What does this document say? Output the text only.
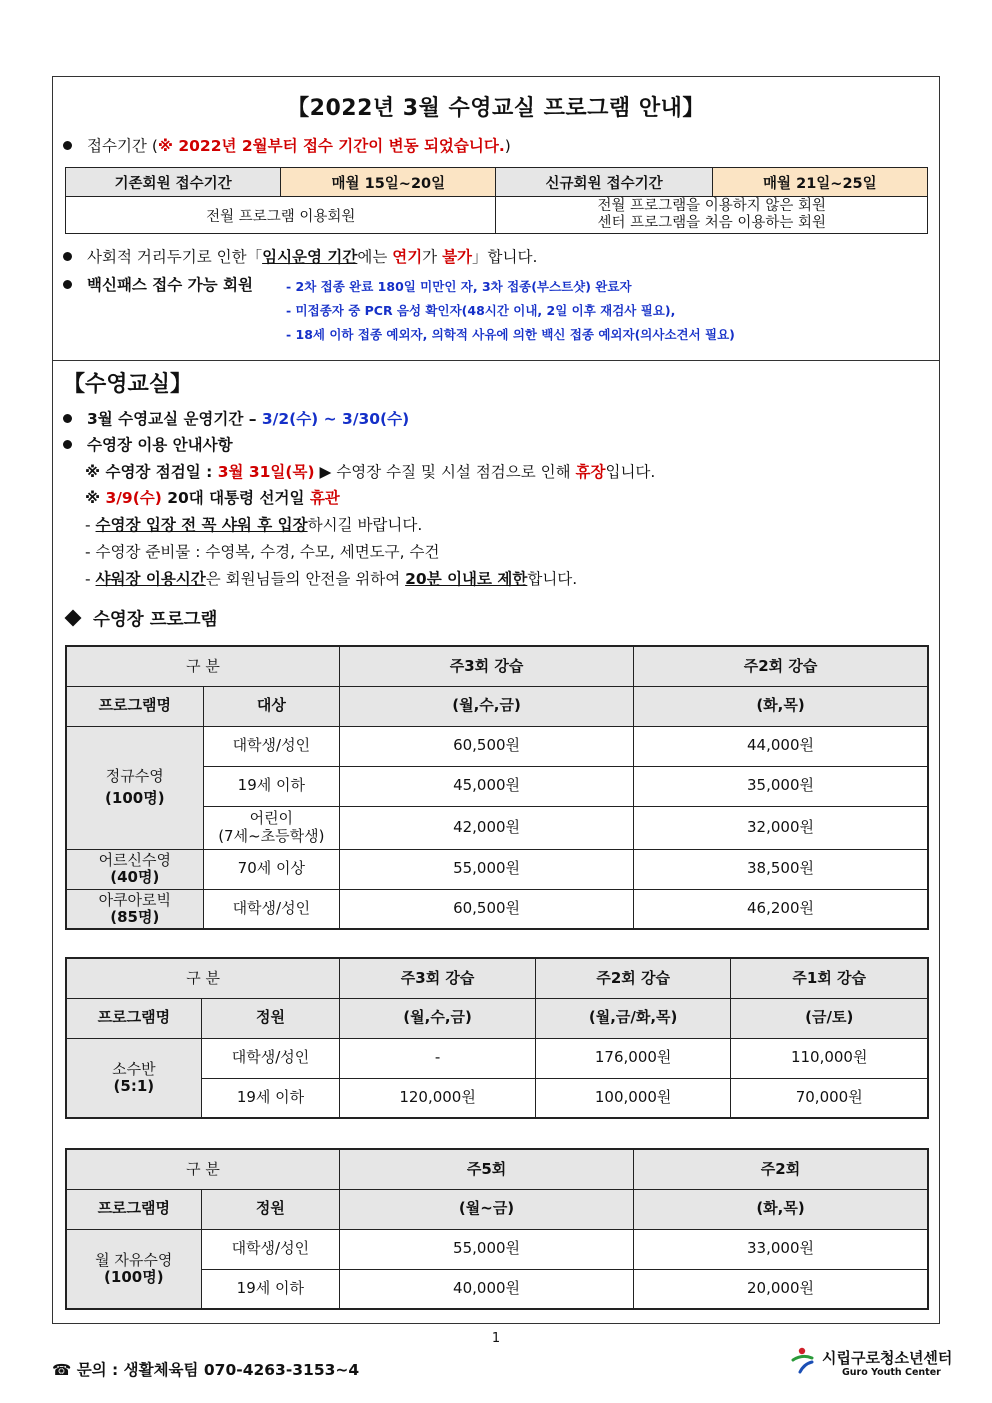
【2022년 3월 수영교실 프로그램 안내】
접수기간 (※ 2022년 2월부터 접수 기간이 변동 되었습니다.)
기존회원 접수기간	매월 15일~20일	신규회원 접수기간	매월 21일~25일
전월 프로그램 이용회원		전월 프로그램을 이용하지 않은 회원
센터 프로그램을 처음 이용하는 회원	
사회적 거리두기로 인한「임시운영 기간에는 연기가 불가」합니다.
백신패스 접수 가능 회원	- 2차 접종 완료 180일 미만인 자, 3차 접종(부스트샷) 완료자
- 미접종자 중 PCR 음성 확인자(48시간 이내, 2일 이후 재검사 필요),
- 18세 이하 접종 예외자, 의학적 사유에 의한 백신 접종 예외자(의사소견서 필요)
【수영교실】
3월 수영교실 운영기간 – 3/2(수) ~ 3/30(수)
수영장 이용 안내사항
※ 수영장 점검일 : 3월 31일(목) ▶ 수영장 수질 및 시설 점검으로 인해 휴장입니다.
※ 3/9(수) 20대 대통령 선거일 휴관
- 수영장 입장 전 꼭 샤워 후 입장하시길 바랍니다.
- 수영장 준비물 : 수영복, 수경, 수모, 세면도구, 수건
- 샤워장 이용시간은 회원님들의 안전을 위하여 20분 이내로 제한합니다.
수영장 프로그램
구 분		주3회 강습	주2회 강습
프로그램명	대상	(월,수,금)	(화,목)

정규수영
(100명)	대학생/성인	60,500원	44,000원
	19세 이하	45,000원	35,000원

	어린이
(7세~초등학생)	42,000원	32,000원

어르신수영
(40명)	70세 이상	55,000원	38,500원

아쿠아로빅
(85명)	대학생/성인	60,500원	46,200원
구 분		주3회 강습	주2회 강습	주1회 강습
프로그램명	정원	(월,수,금)	(월,금/화,목)	(금/토)

소수반
(5:1)	대학생/성인	-	176,000원	110,000원
	19세 이하	120,000원	100,000원	70,000원
구 분		주5회	주2회
프로그램명	정원	(월~금)	(화,목)

월 자유수영
(100명)	대학생/성인	55,000원	33,000원
	19세 이하	40,000원	20,000원
1
☎ 문의 : 생활체육팀 070-4263-3153~4
시립구로청소년센터
Guro Youth Center
